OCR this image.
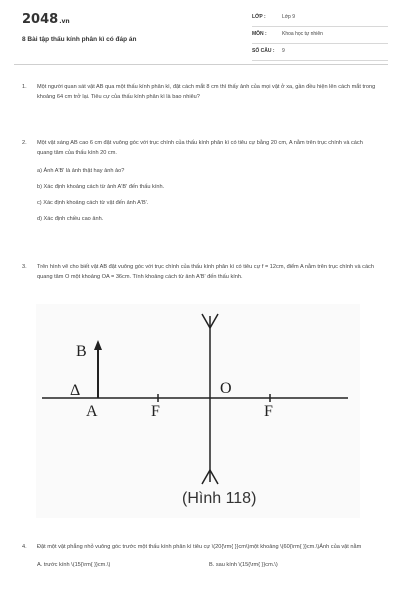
2048.vn
8 Bài tập thấu kính phân kì có đáp án
LỚP :	Lớp 9
MÔN :	Khoa học tự nhiên
SỐ CÂU :	9
1.	Một người quan sát vật AB qua một thấu kính phân kì, đặt cách mắt 8 cm thì thấy ảnh của mọi vật ở xa, gần đều hiện lên cách mắt trong khoảng 64 cm trở lại. Tiêu cự của thấu kính phân kì là bao nhiêu?
2.	Một vật sáng AB cao 6 cm đặt vuông góc với trục chính của thấu kính phân kì có tiêu cự bằng 20 cm, A nằm trên trục chính và cách quang tâm của thấu kính 20 cm.
a) Ảnh A'B' là ảnh thật hay ảnh ảo?
b) Xác định khoảng cách từ ảnh A'B' đến thấu kính.
c) Xác định khoảng cách từ vật đến ảnh A'B'.
d) Xác định chiều cao ảnh.
3.	Trên hình vẽ cho biết vật AB đặt vuông góc với trục chính của thấu kính phân kì có tiêu cự f = 12cm, điểm A nằm trên trục chính và cách quang tâm O một khoảng OA = 36cm. Tính khoảng cách từ ảnh A'B' đến thấu kính.
B
Δ
A	F
O
F
(Hình 118)
4.	Đặt một vật phẳng nhỏ vuông góc trước một thấu kính phân kì tiêu cự \(20{\rm{ }}cm\)một khoảng \(60{\rm{ }}cm.\)Ảnh của vật nằm
A. trước kính \(15{\rm{ }}cm.\)	B. sau kính \(15{\rm{ }}cm.\)
